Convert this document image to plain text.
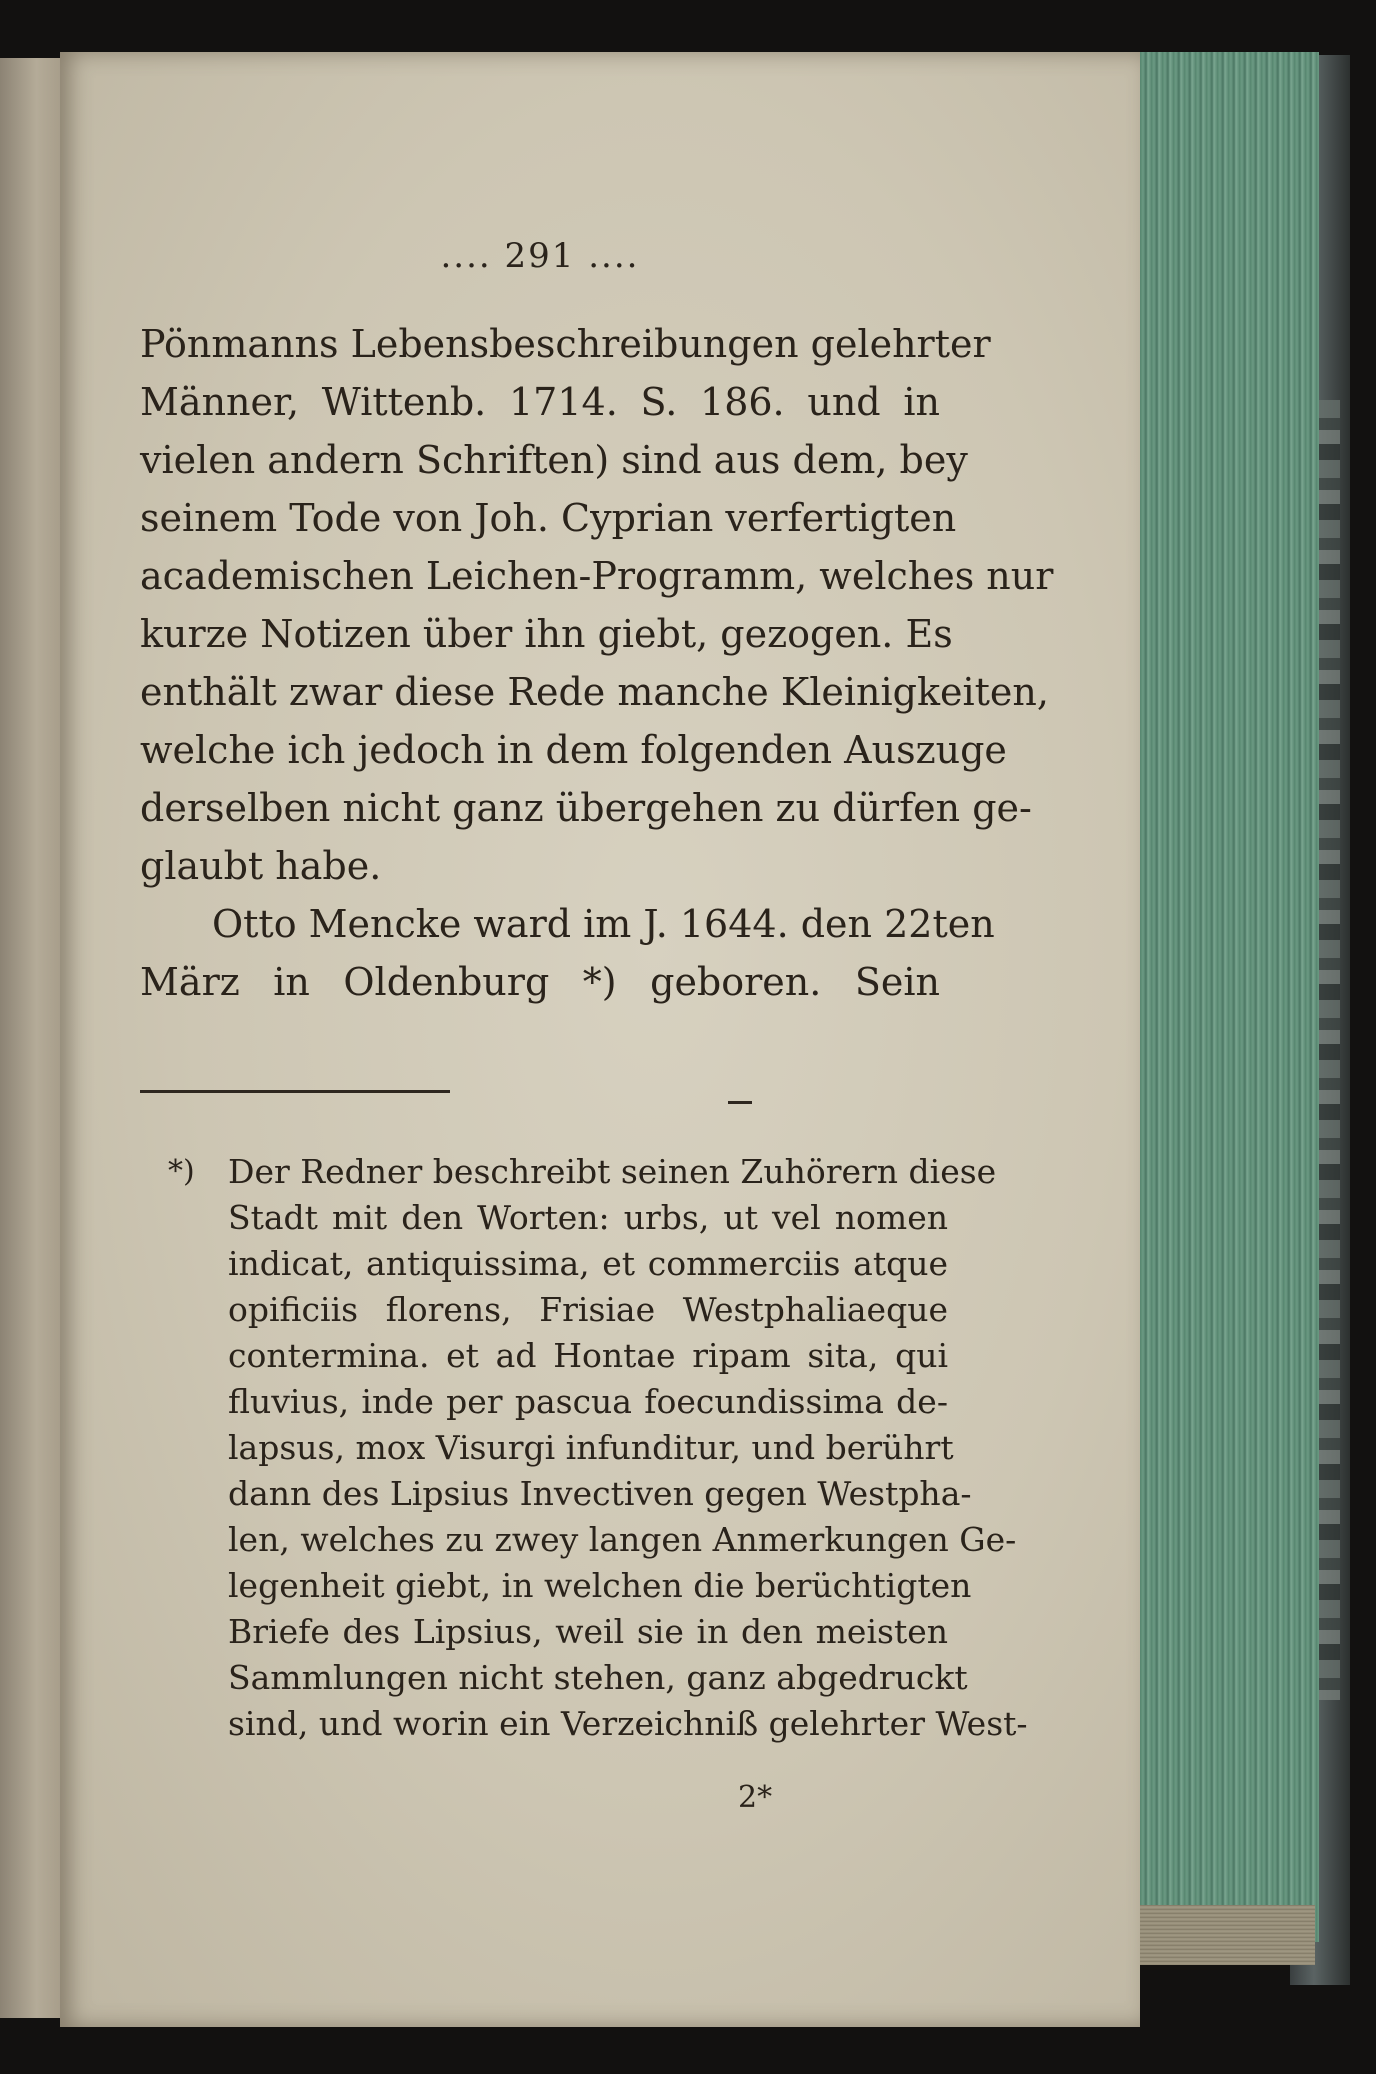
.... 291 ....
Pönmanns Lebensbeschreibungen gelehrter
Männer, Wittenb. 1714. S. 186. und in
vielen andern Schriften) sind aus dem, bey
seinem Tode von Joh. Cyprian verfertigten
academischen Leichen-Programm, welches nur
kurze Notizen über ihn giebt, gezogen. Es
enthält zwar diese Rede manche Kleinigkeiten,
welche ich jedoch in dem folgenden Auszuge
derselben nicht ganz übergehen zu dürfen ge-
glaubt habe.
Otto Mencke ward im J. 1644. den 22ten
März in Oldenburg *) geboren. Sein
*) Der Redner beschreibt seinen Zuhörern diese
Stadt mit den Worten: urbs, ut vel nomen
indicat, antiquissima, et commerciis atque
opificiis florens, Frisiae Westphaliaeque
contermina. et ad Hontae ripam sita, qui
fluvius, inde per pascua foecundissima de-
lapsus, mox Visurgi infunditur, und berührt
dann des Lipsius Invectiven gegen Westpha-
len, welches zu zwey langen Anmerkungen Ge-
legenheit giebt, in welchen die berüchtigten
Briefe des Lipsius, weil sie in den meisten
Sammlungen nicht stehen, ganz abgedruckt
sind, und worin ein Verzeichniß gelehrter West-
2*
